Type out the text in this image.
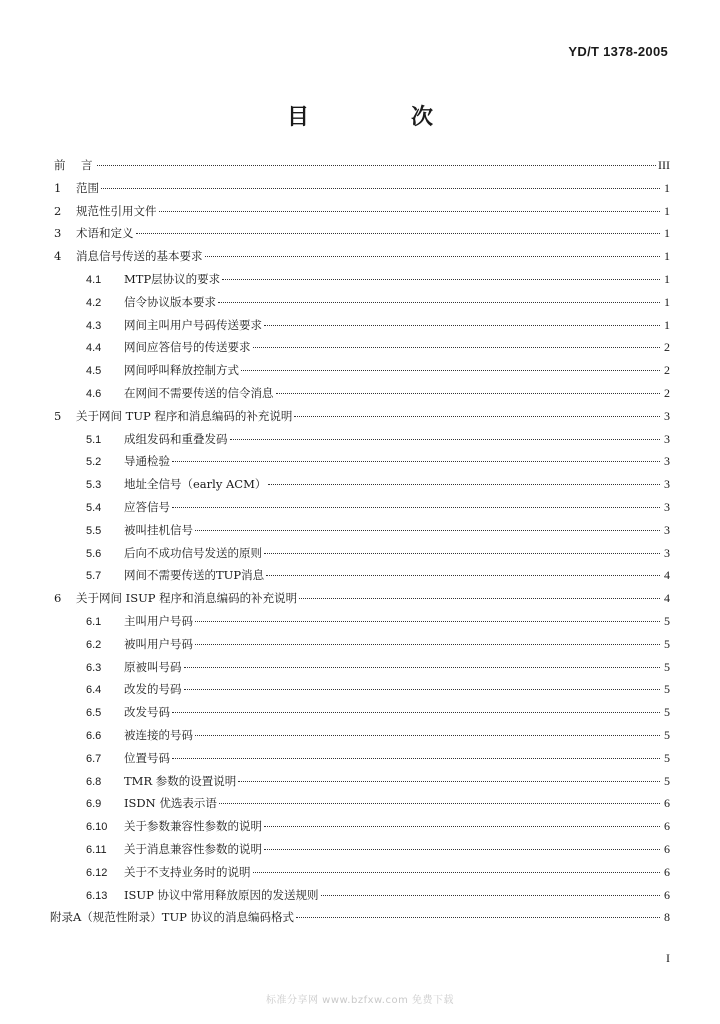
YD/T 1378-2005
目　次
前　言	III
1	范围	1
2	规范性引用文件	1
3	术语和定义	1
4	消息信号传送的基本要求	1
4.1	MTP层协议的要求	1
4.2	信令协议版本要求	1
4.3	网间主叫用户号码传送要求	1
4.4	网间应答信号的传送要求	2
4.5	网间呼叫释放控制方式	2
4.6	在网间不需要传送的信令消息	2
5	关于网间 TUP 程序和消息编码的补充说明	3
5.1	成组发码和重叠发码	3
5.2	导通检验	3
5.3	地址全信号（early ACM）	3
5.4	应答信号	3
5.5	被叫挂机信号	3
5.6	后向不成功信号发送的原则	3
5.7	网间不需要传送的TUP消息	4
6	关于网间 ISUP 程序和消息编码的补充说明	4
6.1	主叫用户号码	5
6.2	被叫用户号码	5
6.3	原被叫号码	5
6.4	改发的号码	5
6.5	改发号码	5
6.6	被连接的号码	5
6.7	位置号码	5
6.8	TMR 参数的设置说明	5
6.9	ISDN 优选表示语	6
6.10	关于参数兼容性参数的说明	6
6.11	关于消息兼容性参数的说明	6
6.12	关于不支持业务时的说明	6
6.13	ISUP 协议中常用释放原因的发送规则	6
附录A（规范性附录）TUP 协议的消息编码格式	8
I
标准分享网 www.bzfxw.com 免费下载
